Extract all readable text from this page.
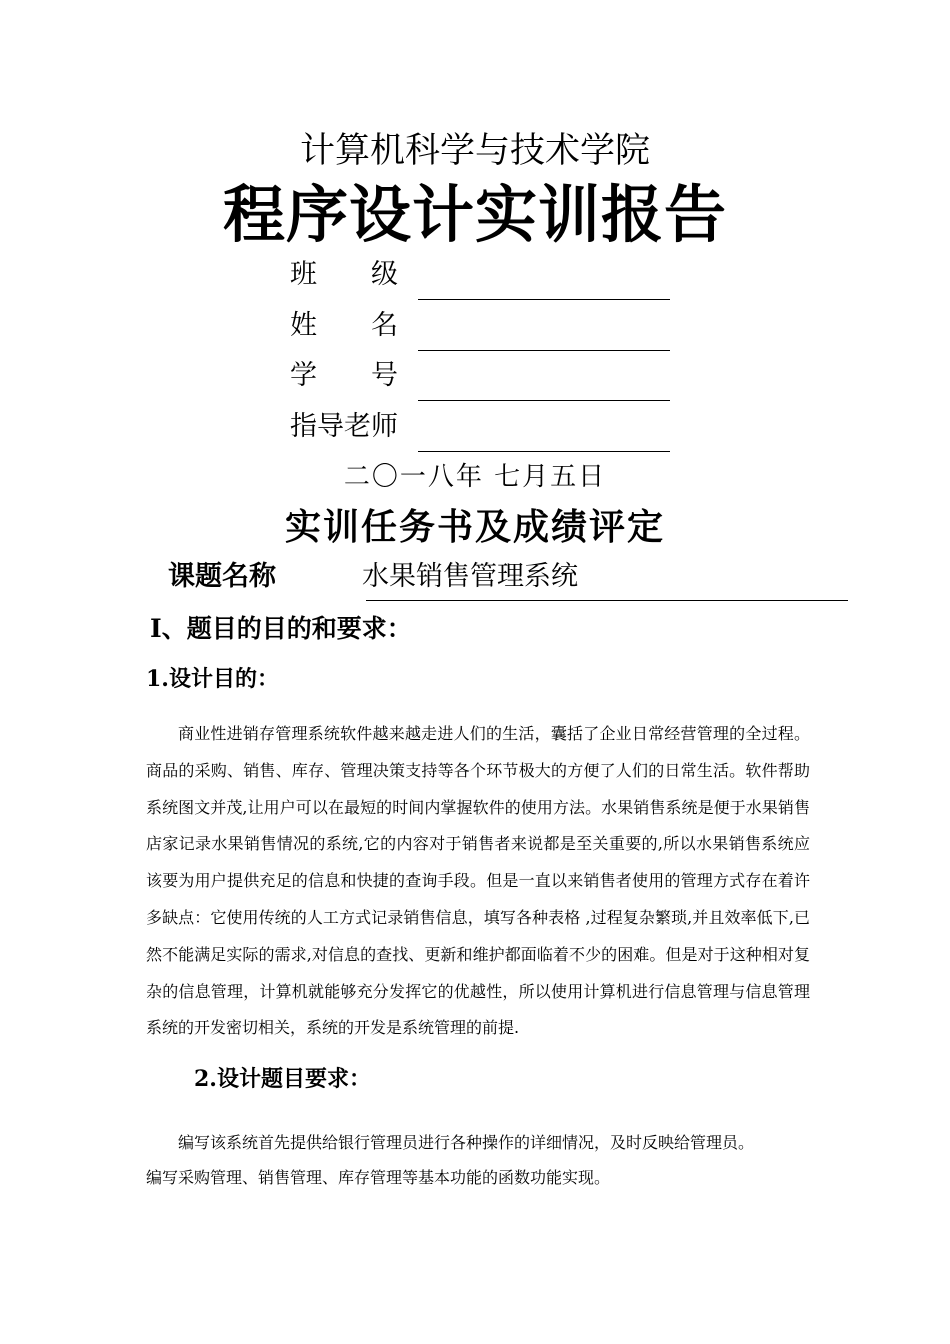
计算机科学与技术学院
程序设计实训报告
班　　级
姓　　名
学　　号
指导老师
二〇一八年 七月五日
实训任务书及成绩评定
课题名称	水果销售管理系统
Ⅰ、题目的目的和要求：
1.设计目的：
商业性进销存管理系统软件越来越走进人们的生活，囊括了企业日常经营管理的全过程。商品的采购、销售、库存、管理决策支持等各个环节极大的方便了人们的日常生活。软件帮助系统图文并茂,让用户可以在最短的时间内掌握软件的使用方法。水果销售系统是便于水果销售店家记录水果销售情况的系统,它的内容对于销售者来说都是至关重要的,所以水果销售系统应该要为用户提供充足的信息和快捷的查询手段。但是一直以来销售者使用的管理方式存在着许多缺点：它使用传统的人工方式记录销售信息，填写各种表格 ,过程复杂繁琐,并且效率低下,已然不能满足实际的需求,对信息的查找、更新和维护都面临着不少的困难。但是对于这种相对复杂的信息管理，计算机就能够充分发挥它的优越性，所以使用计算机进行信息管理与信息管理系统的开发密切相关，系统的开发是系统管理的前提.
2.设计题目要求：
编写该系统首先提供给银行管理员进行各种操作的详细情况，及时反映给管理员。
编写采购管理、销售管理、库存管理等基本功能的函数功能实现。
